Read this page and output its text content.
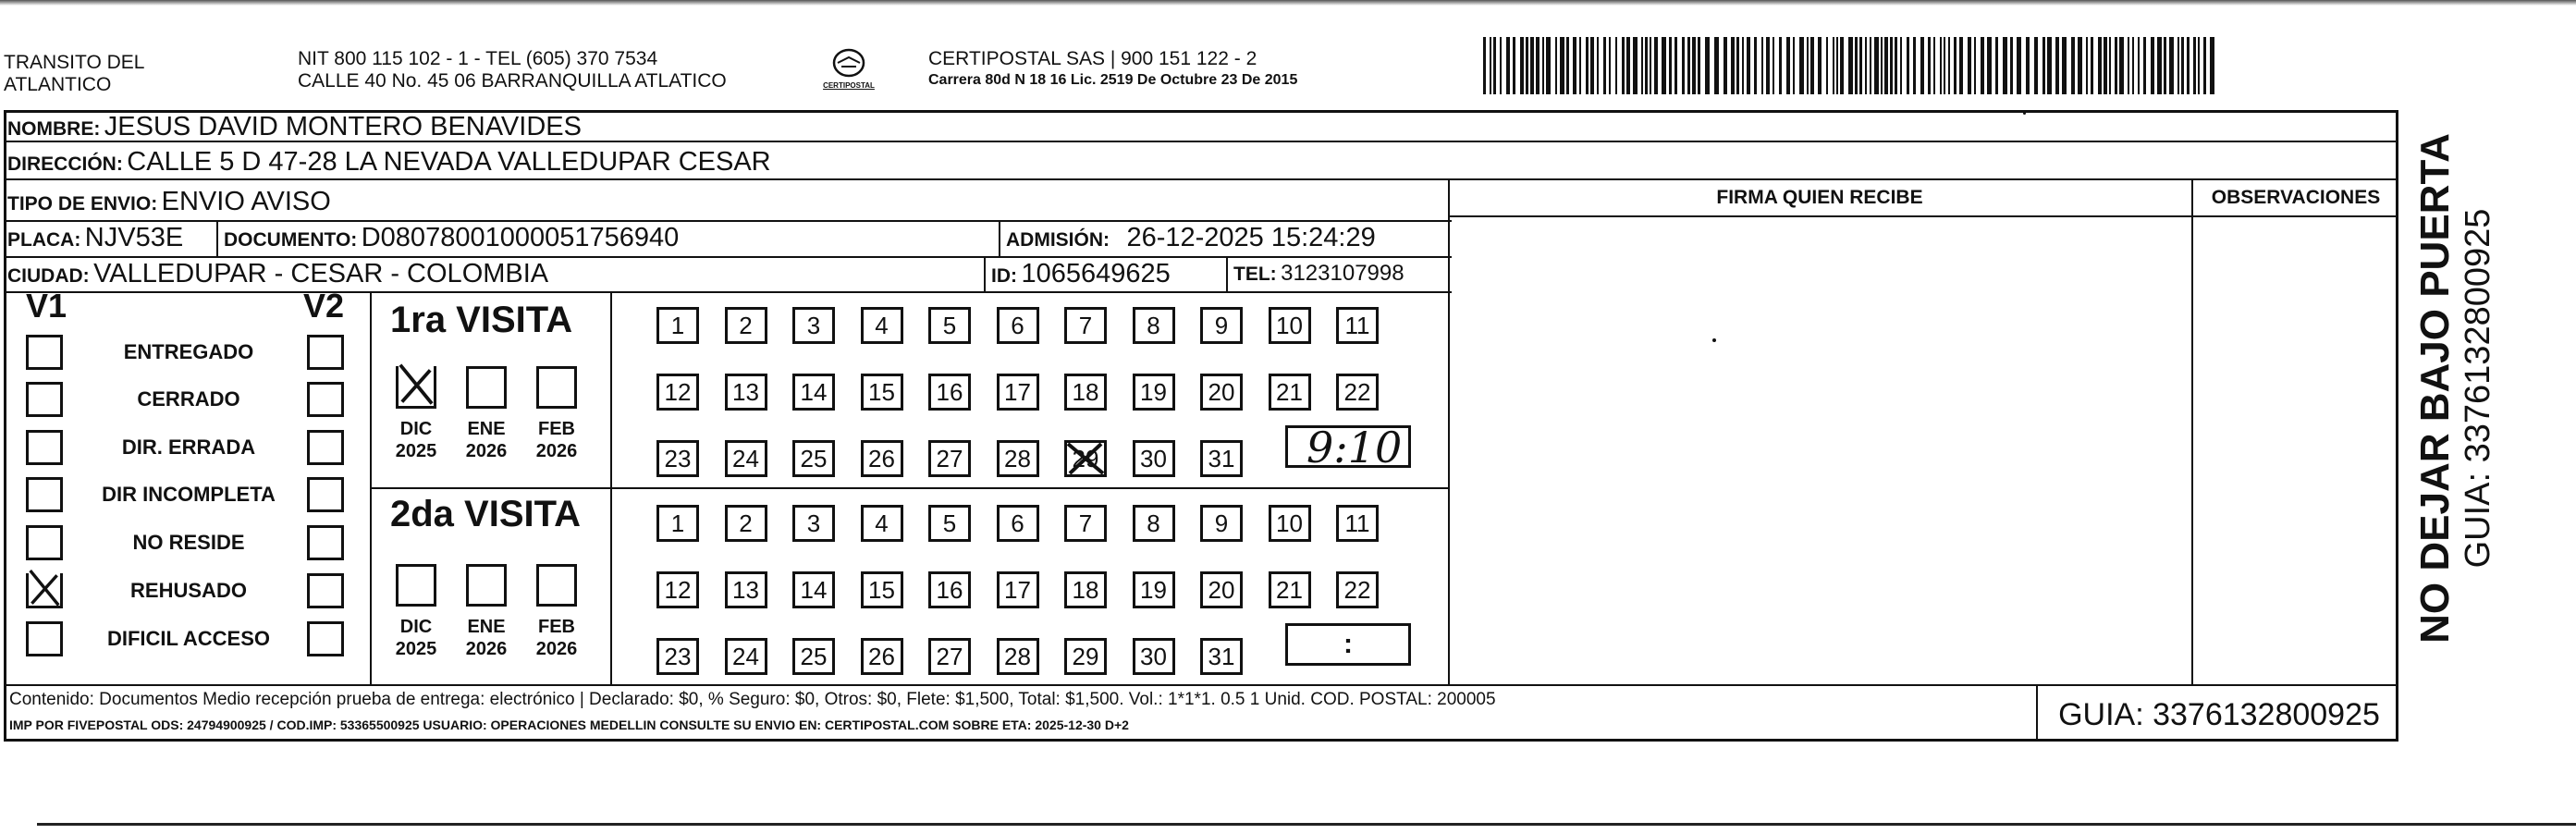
TRANSITO DEL
ATLANTICO
NIT 800 115 102 - 1 - TEL (605) 370 7534
CALLE 40 No. 45 06 BARRANQUILLA ATLATICO	CERTIPOSTAL
CERTIPOSTAL SAS | 900 151 122 - 2
Carrera 80d N 18 16 Lic. 2519 De Octubre 23 De 2015
NOMBRE: JESUS DAVID MONTERO BENAVIDES
DIRECCIÓN: CALLE 5 D 47-28 LA NEVADA VALLEDUPAR CESAR
TIPO DE ENVIO: ENVIO AVISO
PLACA: NJV53E DOCUMENTO: D08078001000051756940	ADMISIÓN: 26-12-2025 15:24:29
CIUDAD: VALLEDUPAR - CESAR - COLOMBIA	ID: 1065649625	TEL: 3123107998
FIRMA QUIEN RECIBE	OBSERVACIONES
V1	V2
ENTREGADO
CERRADO
DIR. ERRADA
DIR INCOMPLETA
NO RESIDE
REHUSADO
DIFICIL ACCESO
1ra VISITA
DIC
2025
ENE
2026
FEB
2026
1	2	3	4	5	6	7	8	9	10	11
12	13	14	15	16	17	18	19	20	21	22
23	24	25	26	27	28	29	30	31 9:10
2da VISITA
DIC
2025
ENE
2026
FEB
2026
1	2	3	4	5	6	7	8	9	10	11
12	13	14	15	16	17	18	19	20	21	22
23	24	25	26	27	28	29	30	31	:
Contenido: Documentos Medio recepción prueba de entrega: electrónico | Declarado: $0, % Seguro: $0, Otros: $0, Flete: $1,500, Total: $1,500. Vol.: 1*1*1. 0.5 1 Unid. COD. POSTAL: 200005
IMP POR FIVEPOSTAL ODS: 24794900925 / COD.IMP: 53365500925 USUARIO: OPERACIONES MEDELLIN CONSULTE SU ENVIO EN: CERTIPOSTAL.COM SOBRE ETA: 2025-12-30 D+2	GUIA: 3376132800925
NO DEJAR BAJO PUERTA GUIA: 3376132800925
